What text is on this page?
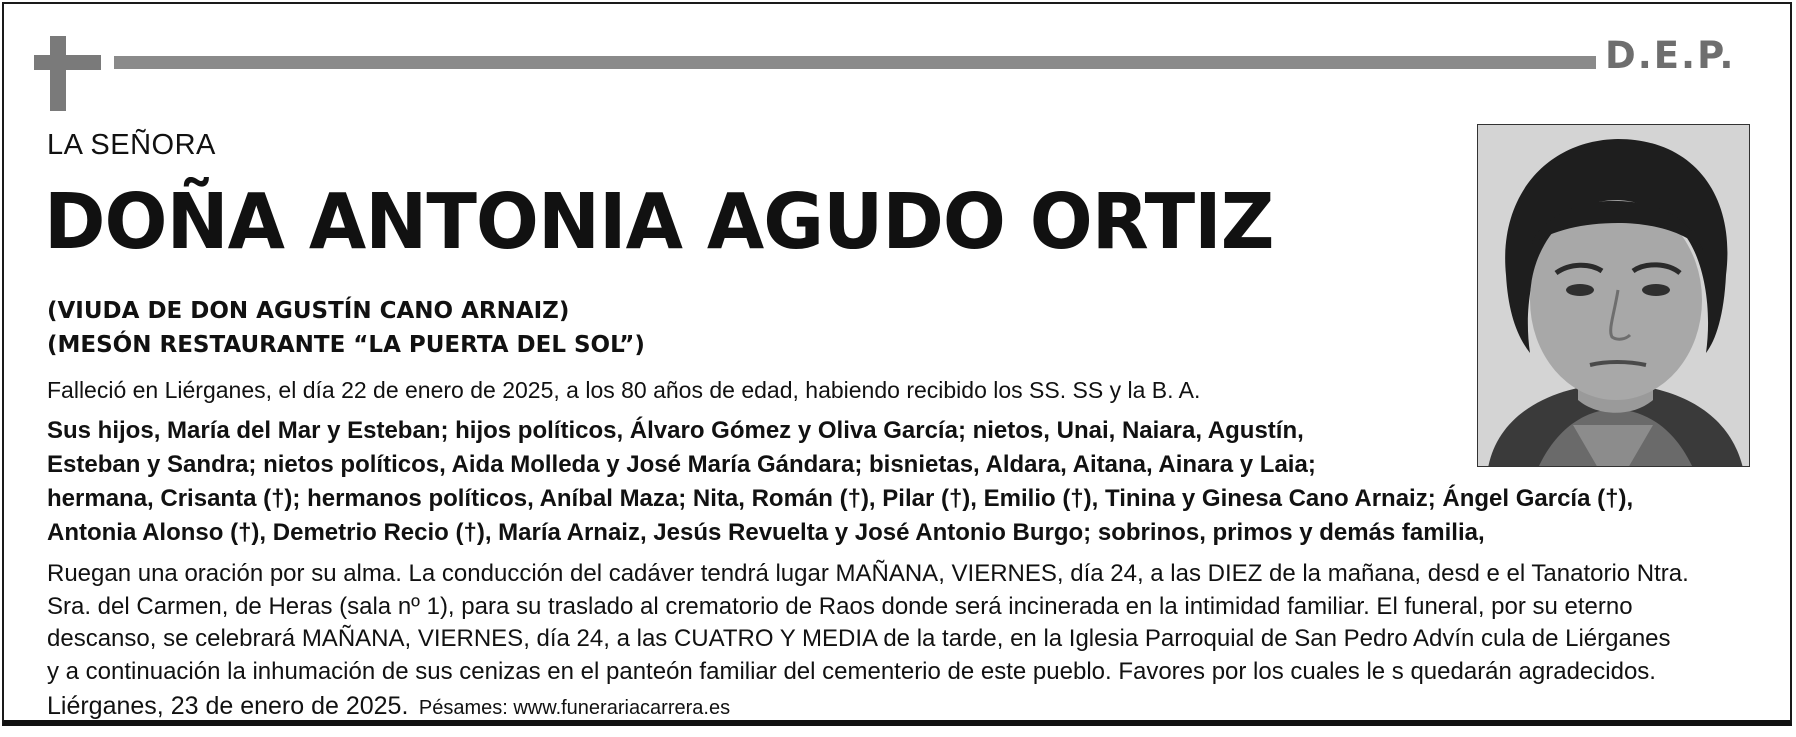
D.E.P.
LA SEÑORA
DOÑA ANTONIA AGUDO ORTIZ
(VIUDA DE DON AGUSTÍN CANO ARNAIZ)
(MESÓN RESTAURANTE “LA PUERTA DEL SOL”)
Falleció en Liérganes, el día 22 de enero de 2025, a los 80 años de edad, habiendo recibido los SS. SS y la B. A.
Sus hijos, María del Mar y Esteban; hijos políticos, Álvaro Gómez y Oliva García; nietos, Unai, Naiara, Agustín,
Esteban y Sandra; nietos políticos, Aida Molleda y José María Gándara; bisnietas, Aldara, Aitana, Ainara y Laia;
hermana, Crisanta (†); hermanos políticos, Aníbal Maza; Nita, Román (†), Pilar (†), Emilio (†), Tinina y Ginesa Cano Arnaiz; Ángel García (†),
Antonia Alonso (†), Demetrio Recio (†), María Arnaiz, Jesús Revuelta y José Antonio Burgo; sobrinos, primos y demás familia,
Ruegan una oración por su alma. La conducción del cadáver tendrá lugar MAÑANA, VIERNES, día 24, a las DIEZ de la mañana, desd e el Tanatorio Ntra.
Sra. del Carmen, de Heras (sala nº 1), para su traslado al crematorio de Raos donde será incinerada en la intimidad familiar. El funeral, por su eterno
descanso, se celebrará MAÑANA, VIERNES, día 24, a las CUATRO Y MEDIA de la tarde, en la Iglesia Parroquial de San Pedro Advín cula de Liérganes
y a continuación la inhumación de sus cenizas en el panteón familiar del cementerio de este pueblo. Favores por los cuales le s quedarán agradecidos.
Liérganes, 23 de enero de 2025. Pésames: www.funerariacarrera.es
